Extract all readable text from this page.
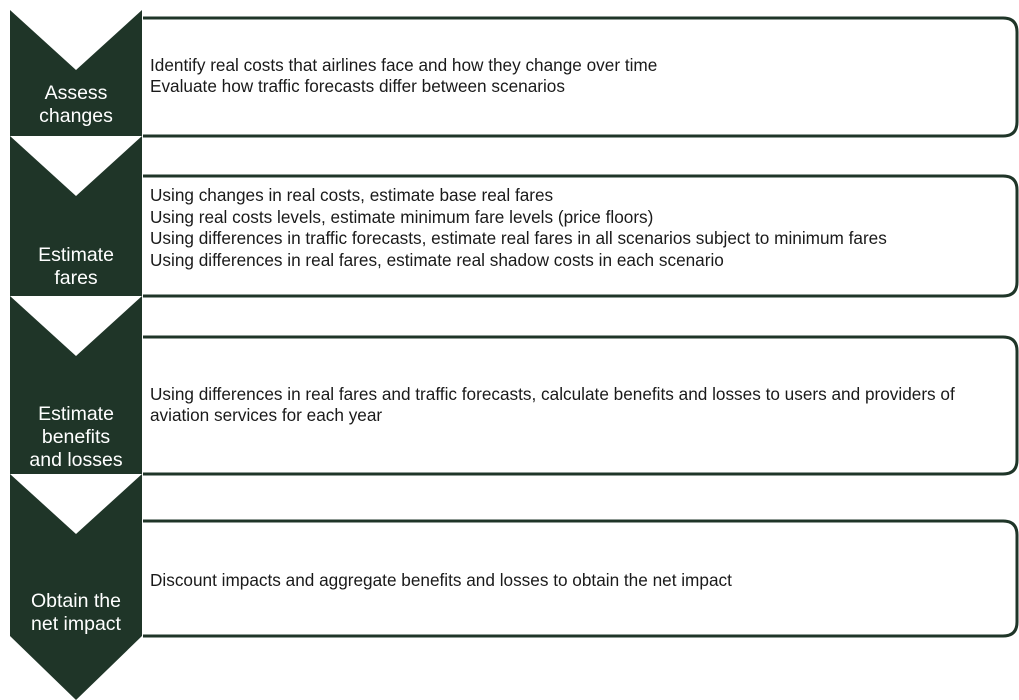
Assess
changes
Identify real costs that airlines face and how they change over time
Evaluate how traffic forecasts differ between scenarios
Estimate
fares
Using changes in real costs, estimate base real fares
Using real costs levels, estimate minimum fare levels (price floors)
Using differences in traffic forecasts, estimate real fares in all scenarios subject to minimum fares
Using differences in real fares, estimate real shadow costs in each scenario
Estimate
benefits
and losses
Using differences in real fares and traffic forecasts, calculate benefits and losses to users and providers of aviation services for each year
Obtain the
net impact
Discount impacts and aggregate benefits and losses to obtain the net impact
